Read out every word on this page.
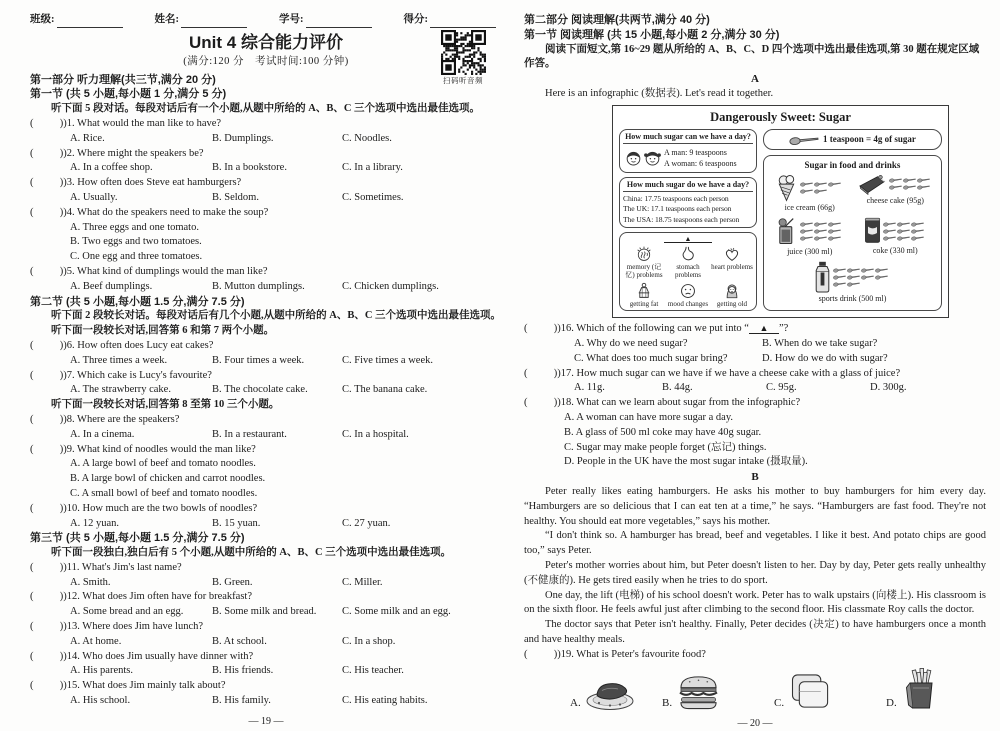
班级:	姓名:	学号:	得分:
扫码听音频
Unit 4 综合能力评价
(满分:120 分　考试时间:100 分钟)
第一部分 听力理解(共三节,满分 20 分)
第一节 (共 5 小题,每小题 1 分,满分 5 分)
听下面 5 段对话。每段对话后有一个小题,从题中所给的 A、B、C 三个选项中选出最佳选项。
(   ) )1. What would the man like to have?
A. Rice.	B. Dumplings.	C. Noodles.
(   ) )2. Where might the speakers be?
A. In a coffee shop.	B. In a bookstore.	C. In a library.
(   ) )3. How often does Steve eat hamburgers?
A. Usually.	B. Seldom.	C. Sometimes.
(   ) )4. What do the speakers need to make the soup?
A. Three eggs and one tomato.
B. Two eggs and two tomatoes.
C. One egg and three tomatoes.
(   ) )5. What kind of dumplings would the man like?
A. Beef dumplings.	B. Mutton dumplings.	C. Chicken dumplings.
第二节 (共 5 小题,每小题 1.5 分,满分 7.5 分)
听下面 2 段较长对话。每段对话后有几个小题,从题中所给的 A、B、C 三个选项中选出最佳选项。
听下面一段较长对话,回答第 6 和第 7 两个小题。
(   ) )6. How often does Lucy eat cakes?
A. Three times a week.	B. Four times a week.	C. Five times a week.
(   ) )7. Which cake is Lucy's favourite?
A. The strawberry cake.	B. The chocolate cake.	C. The banana cake.
听下面一段较长对话,回答第 8 至第 10 三个小题。
(   ) )8. Where are the speakers?
A. In a cinema.	B. In a restaurant.	C. In a hospital.
(   ) )9. What kind of noodles would the man like?
A. A large bowl of beef and tomato noodles.
B. A large bowl of chicken and carrot noodles.
C. A small bowl of beef and tomato noodles.
(   ) )10. How much are the two bowls of noodles?
A. 12 yuan.	B. 15 yuan.	C. 27 yuan.
第三节 (共 5 小题,每小题 1.5 分,满分 7.5 分)
听下面一段独白,独白后有 5 个小题,从题中所给的 A、B、C 三个选项中选出最佳选项。
(   ) )11. What's Jim's last name?
A. Smith.	B. Green.	C. Miller.
(   ) )12. What does Jim often have for breakfast?
A. Some bread and an egg.	B. Some milk and bread.	C. Some milk and an egg.
(   ) )13. Where does Jim have lunch?
A. At home.	B. At school.	C. In a shop.
(   ) )14. Who does Jim usually have dinner with?
A. His parents.	B. His friends.	C. His teacher.
(   ) )15. What does Jim mainly talk about?
A. His school.	B. His family.	C. His eating habits.
— 19 —
第二部分 阅读理解(共两节,满分 40 分)
第一节 阅读理解 (共 15 小题,每小题 2 分,满分 30 分)
阅读下面短文,第 16~29 题从所给的 A、B、C、D 四个选项中选出最佳选项,第 30 题在规定区域作答。
A
Here is an infographic (数据表). Let's read it together.
Dangerously Sweet: Sugar
How much sugar can we have a day?
A man: 9 teaspoons
A woman: 6 teaspoons
How much sugar do we have a day?
China: 17.75 teaspoons each person
The UK: 17.1 teaspoons each person
The USA: 18.75 teaspoons each person
▲
memory (记忆) problems
stomach problems
heart problems
getting fat mood changes getting old
1 teaspoon = 4g of sugar
Sugar in food and drinks
ice cream (66g)
cheese cake (95g)
juice (300 ml)	coke (330 ml)
sports drink (500 ml)
(   ) )16. Which of the following can we put into “▲”?
A. Why do we need sugar?	B. When do we take sugar?
C. What does too much sugar bring?	D. How do we do with sugar?
(   ) )17. How much sugar can we have if we have a cheese cake with a glass of juice?
A. 11g.	B. 44g.	C. 95g.	D. 300g.
(   ) )18. What can we learn about sugar from the infographic?
A. A woman can have more sugar a day.
B. A glass of 500 ml coke may have 40g sugar.
C. Sugar may make people forget (忘记) things.
D. People in the UK have the most sugar intake (摄取量).
B
Peter really likes eating hamburgers. He asks his mother to buy hamburgers for him every day. “Hamburgers are so delicious that I can eat ten at a time,” he says. “Hamburgers are fast food. They're not healthy. You should eat more vegetables,” says his mother.
“I don't think so. A hamburger has bread, beef and vegetables. I like it best. And potato chips are good too,” says Peter.
Peter's mother worries about him, but Peter doesn't listen to her. Day by day, Peter gets really unhealthy (不健康的). He gets tired easily when he tries to do sport.
One day, the lift (电梯) of his school doesn't work. Peter has to walk upstairs (向楼上). His classroom is on the sixth floor. He feels awful just after climbing to the second floor. His classmate Roy calls the doctor.
The doctor says that Peter isn't healthy. Finally, Peter decides (决定) to have hamburgers once a month and have healthy meals.
(   ) )19. What is Peter's favourite food?
A.	B.	C.	D.
— 20 —
